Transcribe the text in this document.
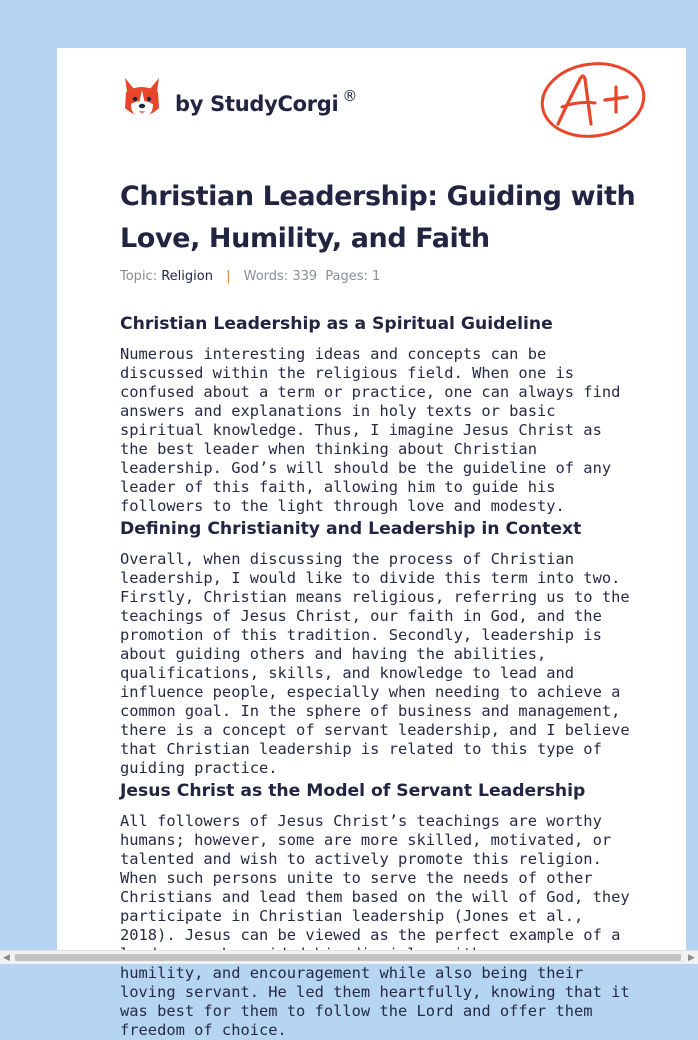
by StudyCorgi ®	A+
Christian Leadership: Guiding with Love, Humility, and Faith
Topic: Religion | Words: 339 Pages: 1
Christian Leadership as a Spiritual Guideline

Numerous interesting ideas and concepts can be discussed within the religious field. When one is confused about a term or practice, one can always find answers and explanations in holy texts or basic spiritual knowledge. Thus, I imagine Jesus Christ as the best leader when thinking about Christian leadership. God’s will should be the guideline of any leader of this faith, allowing him to guide his followers to the light through love and modesty.

Defining Christianity and Leadership in Context

Overall, when discussing the process of Christian leadership, I would like to divide this term into two. Firstly, Christian means religious, referring us to the teachings of Jesus Christ, our faith in God, and the promotion of this tradition. Secondly, leadership is about guiding others and having the abilities, qualifications, skills, and knowledge to lead and influence people, especially when needing to achieve a common goal. In the sphere of business and management, there is a concept of servant leadership, and I believe that Christian leadership is related to this type of guiding practice.

Jesus Christ as the Model of Servant Leadership

All followers of Jesus Christ’s teachings are worthy humans; however, some are more skilled, motivated, or talented and wish to actively promote this religion. When such persons unite to serve the needs of other Christians and lead them based on the will of God, they participate in Christian leadership (Jones et al., 2018). Jesus can be viewed as the perfect example of a humility, and encouragement while also being their loving servant. He led them heartfully, knowing that it was best for them to follow the Lord and offer them freedom of choice.

◀	▶
